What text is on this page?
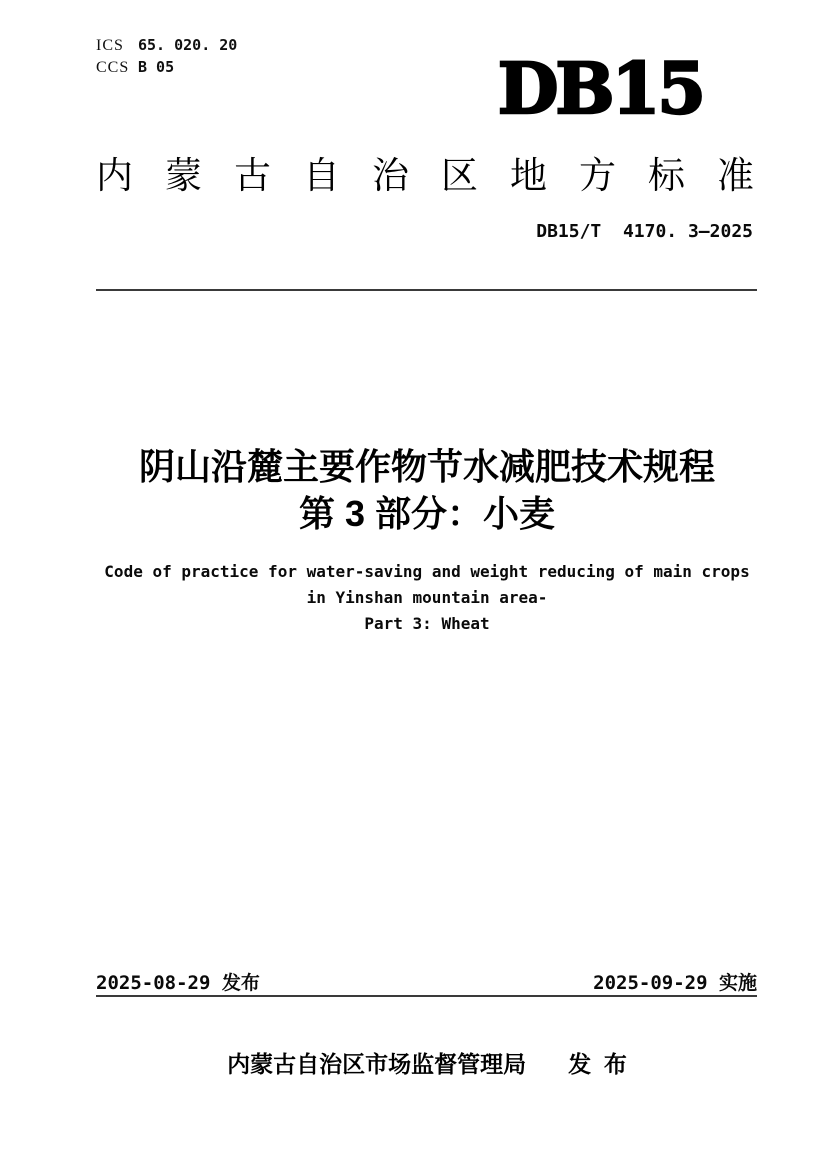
ICS 65. 020. 20
CCS B 05	DB15
内蒙古自治区地方标准
DB15/T  4170. 3—2025
阴山沿麓主要作物节水减肥技术规程
第 3 部分：小麦
Code of practice for water-saving and weight reducing of main crops
in Yinshan mountain area-
Part 3: Wheat
2025-08-29 发布	2025-09-29 实施
内蒙古自治区市场监督管理局 发  布
